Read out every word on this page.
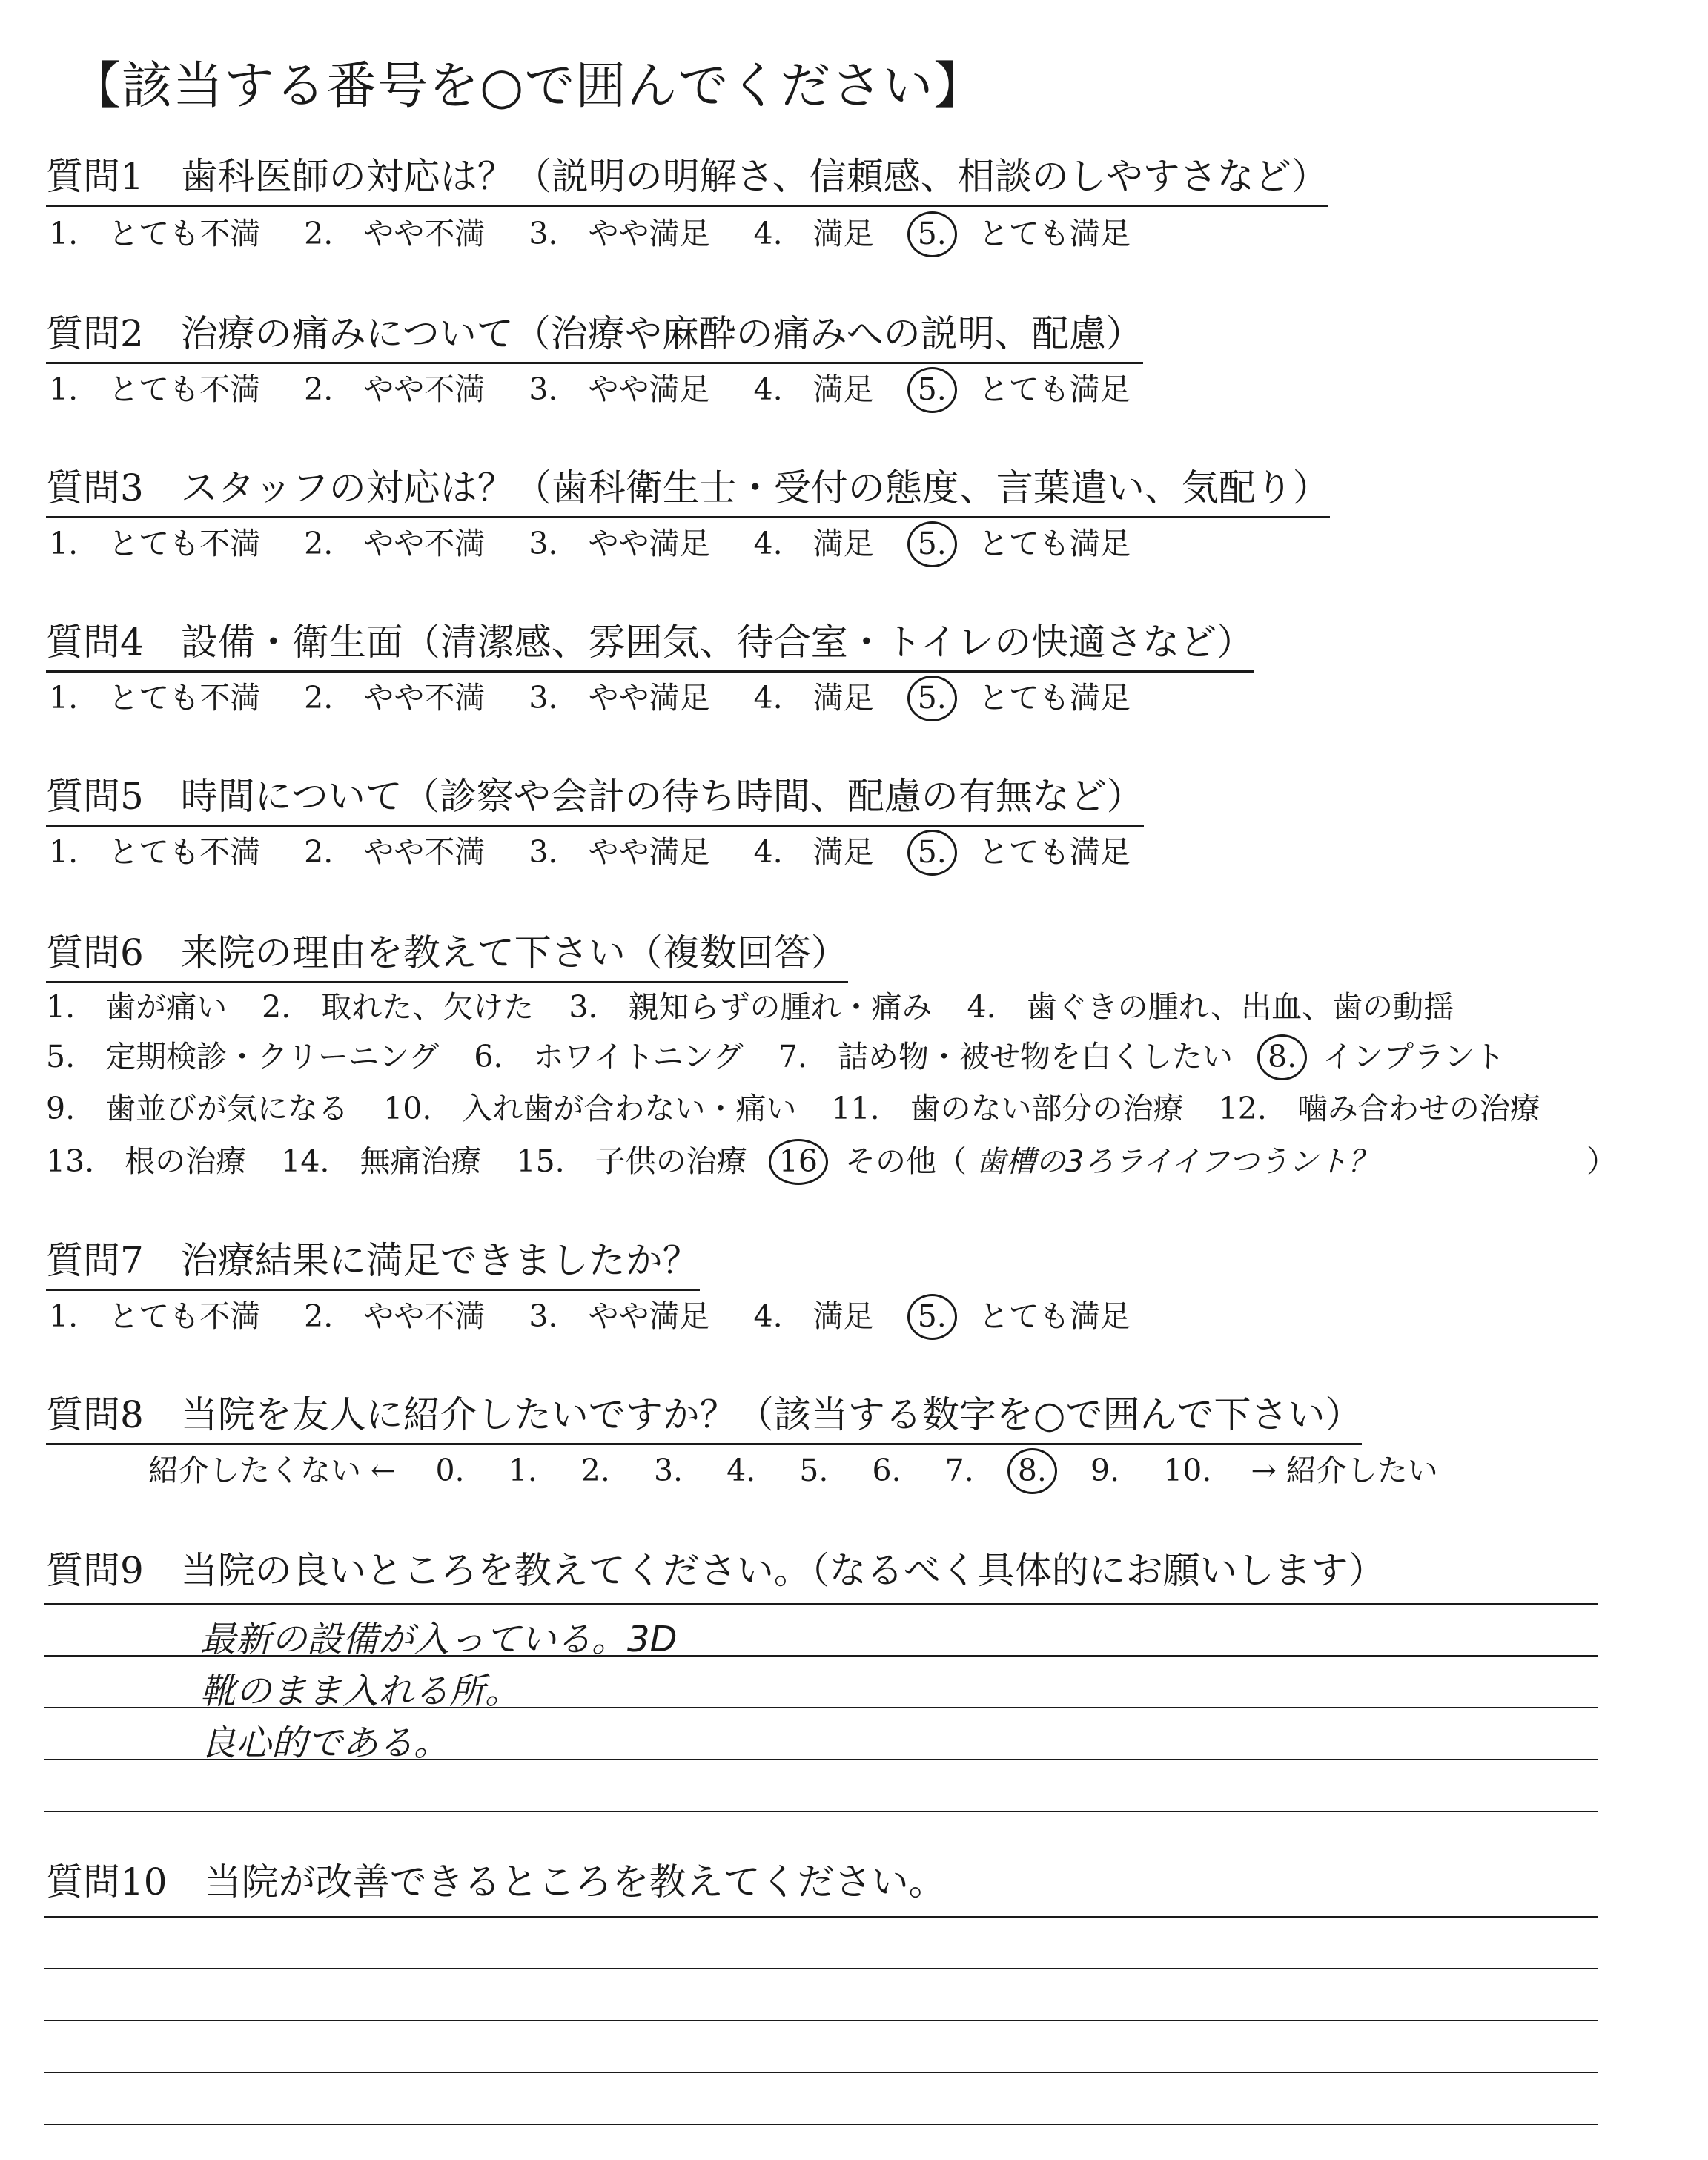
【該当する番号を○で囲んでください】
質問1　歯科医師の対応は？（説明の明解さ、信頼感、相談のしやすさなど）
1.　とても不満 2.　やや不満 3.　やや満足 4.　満足 5. とても満足
質問2　治療の痛みについて（治療や麻酔の痛みへの説明、配慮）
1.　とても不満 2.　やや不満 3.　やや満足 4.　満足 5. とても満足
質問3　スタッフの対応は？（歯科衛生士・受付の態度、言葉遣い、気配り）
1.　とても不満 2.　やや不満 3.　やや満足 4.　満足 5. とても満足
質問4　設備・衛生面（清潔感、雰囲気、待合室・トイレの快適さなど）
1.　とても不満 2.　やや不満 3.　やや満足 4.　満足 5. とても満足
質問5　時間について（診察や会計の待ち時間、配慮の有無など）
1.　とても不満 2.　やや不満 3.　やや満足 4.　満足 5. とても満足
質問6　来院の理由を教えて下さい（複数回答）
1.　歯が痛い 2.　取れた、欠けた 3.　親知らずの腫れ・痛み 4.　歯ぐきの腫れ、出血、歯の動揺
5.　定期検診・クリーニング 6.　ホワイトニング 7.　詰め物・被せ物を白くしたい 8. インプラント
9.　歯並びが気になる 10.　入れ歯が合わない・痛い 11.　歯のない部分の治療 12.　噛み合わせの治療
13.　根の治療 14.　無痛治療 15.　子供の治療 16 その他（ 歯槽の3ろライイフつうント？	）
質問7　治療結果に満足できましたか？
1.　とても不満 2.　やや不満 3.　やや満足 4.　満足 5. とても満足
質問8　当院を友人に紹介したいですか？（該当する数字を○で囲んで下さい）
紹介したくない ← 0. 1. 2. 3. 4. 5. 6. 7. 8. 9. 10. → 紹介したい
質問9　当院の良いところを教えてください。（なるべく具体的にお願いします）
最新の設備が入っている。3D
靴のまま入れる所。
良心的である。
質問10　当院が改善できるところを教えてください。
